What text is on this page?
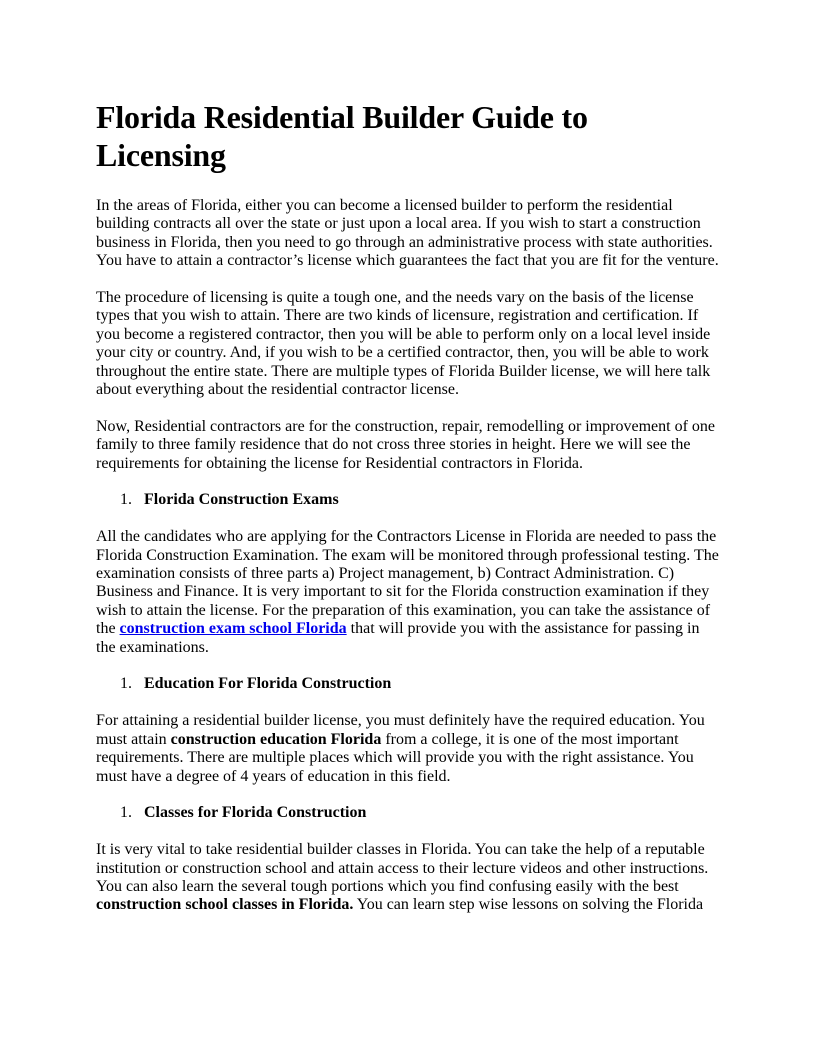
Florida Residential Builder Guide to Licensing

In the areas of Florida, either you can become a licensed builder to perform the residential building contracts all over the state or just upon a local area. If you wish to start a construction business in Florida, then you need to go through an administrative process with state authorities. You have to attain a contractor’s license which guarantees the fact that you are fit for the venture.

The procedure of licensing is quite a tough one, and the needs vary on the basis of the license types that you wish to attain. There are two kinds of licensure, registration and certification. If you become a registered contractor, then you will be able to perform only on a local level inside your city or country. And, if you wish to be a certified contractor, then, you will be able to work throughout the entire state. There are multiple types of Florida Builder license, we will here talk about everything about the residential contractor license.

Now, Residential contractors are for the construction, repair, remodelling or improvement of one family to three family residence that do not cross three stories in height. Here we will see the requirements for obtaining the license for Residential contractors in Florida.

1. Florida Construction Exams

All the candidates who are applying for the Contractors License in Florida are needed to pass the Florida Construction Examination. The exam will be monitored through professional testing. The examination consists of three parts a) Project management, b) Contract Administration. C) Business and Finance. It is very important to sit for the Florida construction examination if they wish to attain the license. For the preparation of this examination, you can take the assistance of the construction exam school Florida that will provide you with the assistance for passing in the examinations.

1. Education For Florida Construction

For attaining a residential builder license, you must definitely have the required education. You must attain construction education Florida from a college, it is one of the most important requirements. There are multiple places which will provide you with the right assistance. You must have a degree of 4 years of education in this field.

1. Classes for Florida Construction

It is very vital to take residential builder classes in Florida. You can take the help of a reputable institution or construction school and attain access to their lecture videos and other instructions. You can also learn the several tough portions which you find confusing easily with the best construction school classes in Florida. You can learn step wise lessons on solving the Florida
